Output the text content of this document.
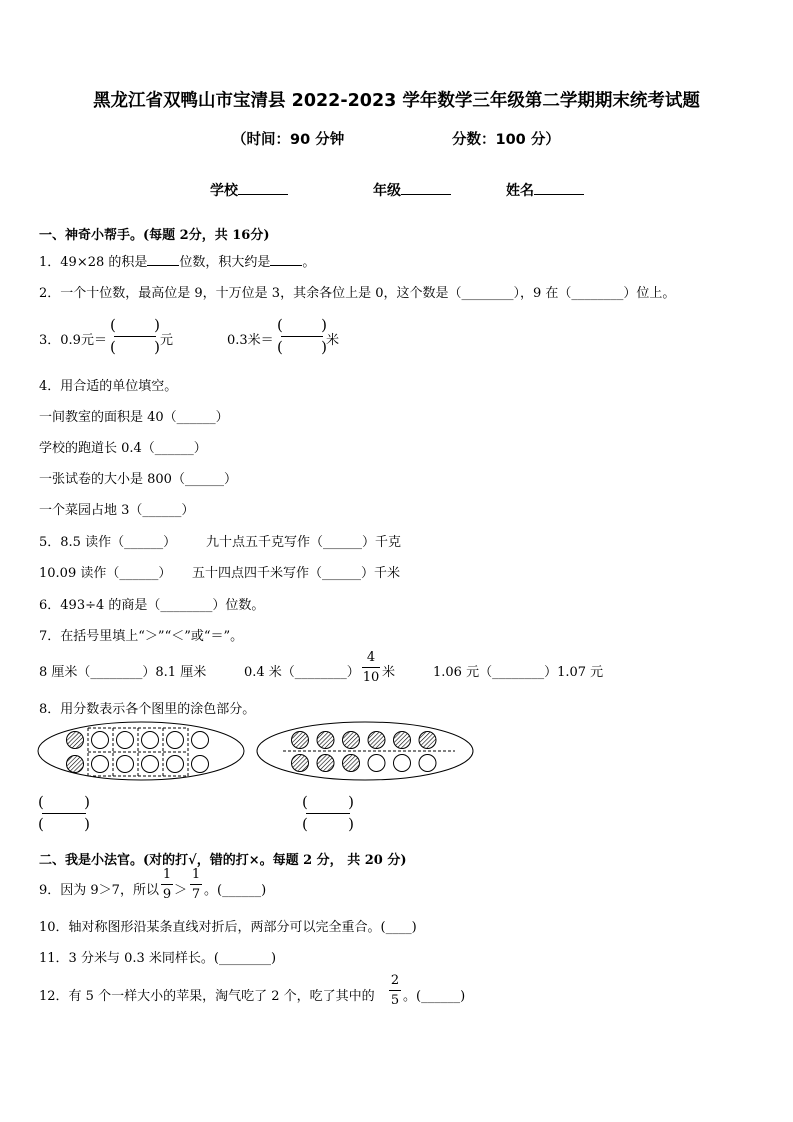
黑龙江省双鸭山市宝清县 2022-2023 学年数学三年级第二学期期末统考试题
（时间：90 分钟	分数：100 分）
学校	年级	姓名
一、神奇小帮手。(每题 2分，共 16分)
1．49×28 的积是 位数，积大约是 。
2．一个十位数，最高位是 9，十万位是 3，其余各位上是 0，这个数是（________），9 在（________）位上。
3．0.9元＝
(	)
(	) 元	0.3米＝
(	)
(	) 米
4．用合适的单位填空。
一间教室的面积是 40（______）
学校的跑道长 0.4（______）
一张试卷的大小是 800（______）
一个菜园占地 3（______）
5．8.5 读作（______） 九十点五千克写作（______）千克
10.09 读作（______） 五十四点四千米写作（______）千米
6．493÷4 的商是（________）位数。
7．在括号里填上“＞”“＜”或“＝”。
8 厘米（________）8.1 厘米	0.4 米（________）
4
10 米	1.06 元（________）1.07 元
8．用分数表示各个图里的涂色部分。
(	)
(	)
(	)
(	)
二、我是小法官。(对的打√，错的打×。每题 2 分， 共 20 分)
9．因为 9＞7，所以
1
9 ＞
1
7 。(______)
10．轴对称图形沿某条直线对折后，两部分可以完全重合。(____)
11．3 分米与 0.3 米同样长。(________)
12．有 5 个一样大小的苹果，淘气吃了 2 个，吃了其中的
2
5 。(______)
